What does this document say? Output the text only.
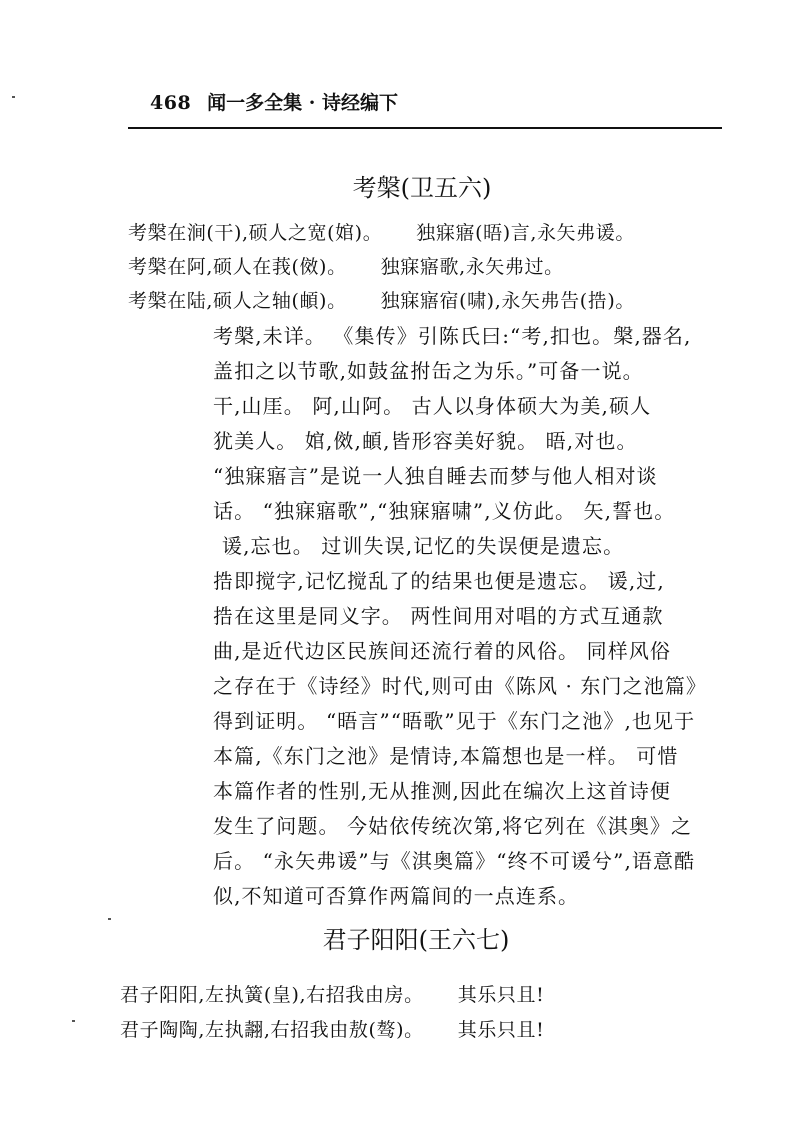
468 闻一多全集 · 诗经编下
考槃(卫五六)
考槃在涧(干),硕人之宽(婠)。 独寐寤(晤)言,永矢弗谖。
考槃在阿,硕人在莪(傚)。 独寐寤歌,永矢弗过。
考槃在陆,硕人之轴(頔)。 独寐寤宿(啸),永矢弗告(捁)。
考槃,未详。 《集传》引陈氏曰:“考,扣也。槃,器名,
盖扣之以节歌,如鼓盆拊缶之为乐。”可备一说。
干,山厓。 阿,山阿。 古人以身体硕大为美,硕人
犹美人。 婠,傚,頔,皆形容美好貌。 晤,对也。
“独寐寤言”是说一人独自睡去而梦与他人相对谈
话。 “独寐寤歌”,“独寐寤啸”,义仿此。 矢,誓也。
谖,忘也。 过训失误,记忆的失误便是遗忘。
捁即搅字,记忆搅乱了的结果也便是遗忘。 谖,过,
捁在这里是同义字。 两性间用对唱的方式互通款
曲,是近代边区民族间还流行着的风俗。 同样风俗
之存在于《诗经》时代,则可由《陈风 · 东门之池篇》
得到证明。 “晤言”“晤歌”见于《东门之池》,也见于
本篇,《东门之池》是情诗,本篇想也是一样。 可惜
本篇作者的性别,无从推测,因此在编次上这首诗便
发生了问题。 今姑依传统次第,将它列在《淇奥》之
后。 “永矢弗谖”与《淇奥篇》“终不可谖兮”,语意酷
似,不知道可否算作两篇间的一点连系。
君子阳阳(王六七)
君子阳阳,左执簧(皇),右招我由房。 其乐只且!
君子陶陶,左执翿,右招我由敖(骜)。 其乐只且!
